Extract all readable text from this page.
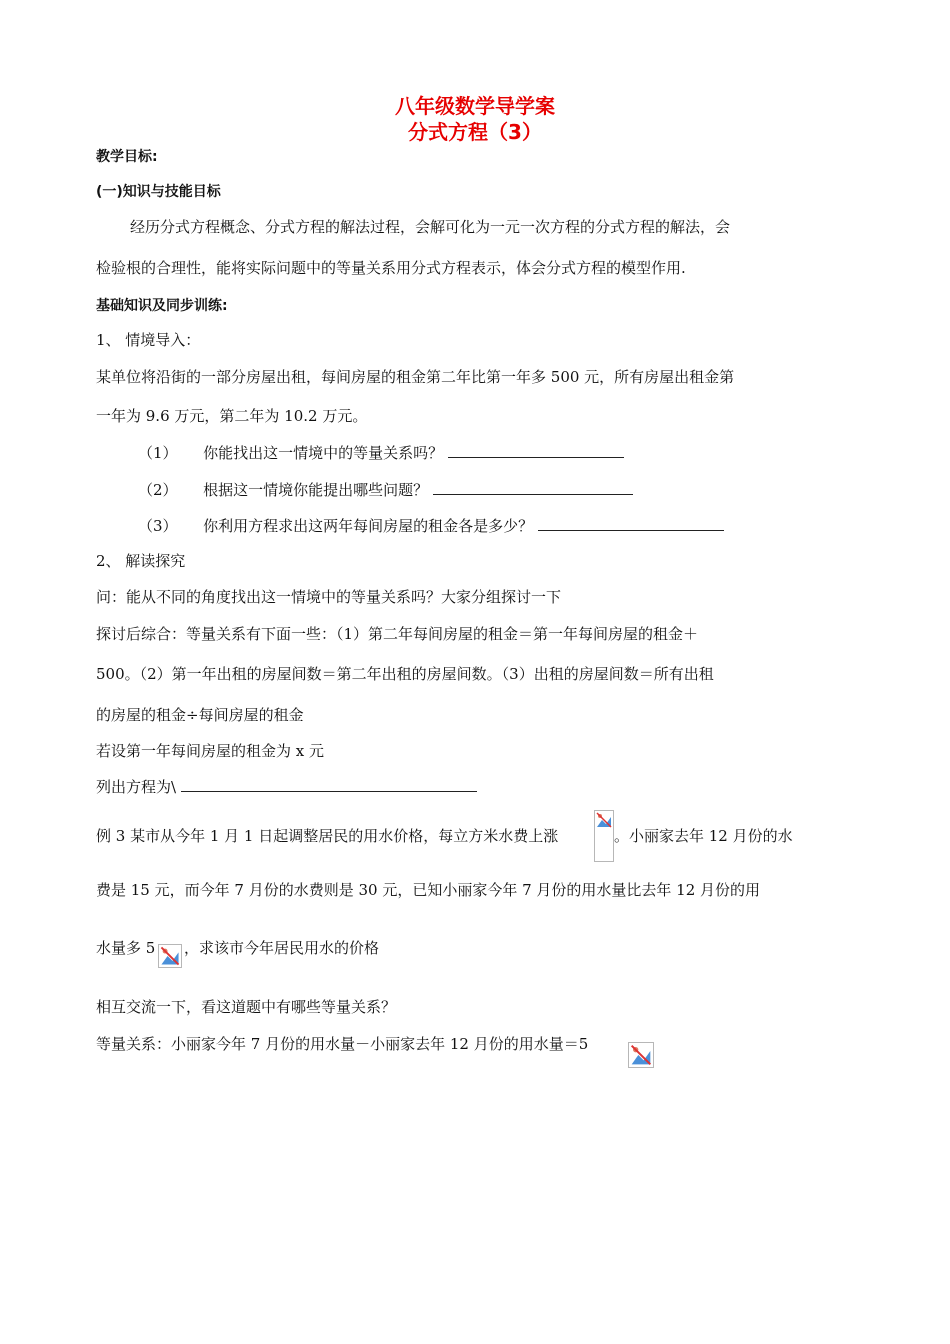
八年级数学导学案
分式方程（3）
教学目标:
(一)知识与技能目标
经历分式方程概念、分式方程的解法过程，会解可化为一元一次方程的分式方程的解法，会
检验根的合理性，能将实际问题中的等量关系用分式方程表示，体会分式方程的模型作用.
基础知识及同步训练:
1、 情境导入：
某单位将沿街的一部分房屋出租，每间房屋的租金第二年比第一年多 500 元，所有房屋出租金第
一年为 9.6 万元，第二年为 10.2 万元。
（1） 你能找出这一情境中的等量关系吗？
（2） 根据这一情境你能提出哪些问题？
（3） 你利用方程求出这两年每间房屋的租金各是多少？
2、 解读探究
问：能从不同的角度找出这一情境中的等量关系吗？大家分组探讨一下
探讨后综合：等量关系有下面一些：（1）第二年每间房屋的租金＝第一年每间房屋的租金＋
500。（2）第一年出租的房屋间数＝第二年出租的房屋间数。（3）出租的房屋间数＝所有出租
的房屋的租金÷每间房屋的租金
若设第一年每间房屋的租金为 x 元
列出方程为\
例 3 某市从今年 1 月 1 日起调整居民的用水价格，每立方米水费上涨	。小丽家去年 12 月份的水
费是 15 元，而今年 7 月份的水费则是 30 元，已知小丽家今年 7 月份的用水量比去年 12 月份的用
水量多 5 ，求该市今年居民用水的价格
相互交流一下，看这道题中有哪些等量关系？
等量关系：小丽家今年 7 月份的用水量－小丽家去年 12 月份的用水量＝5
